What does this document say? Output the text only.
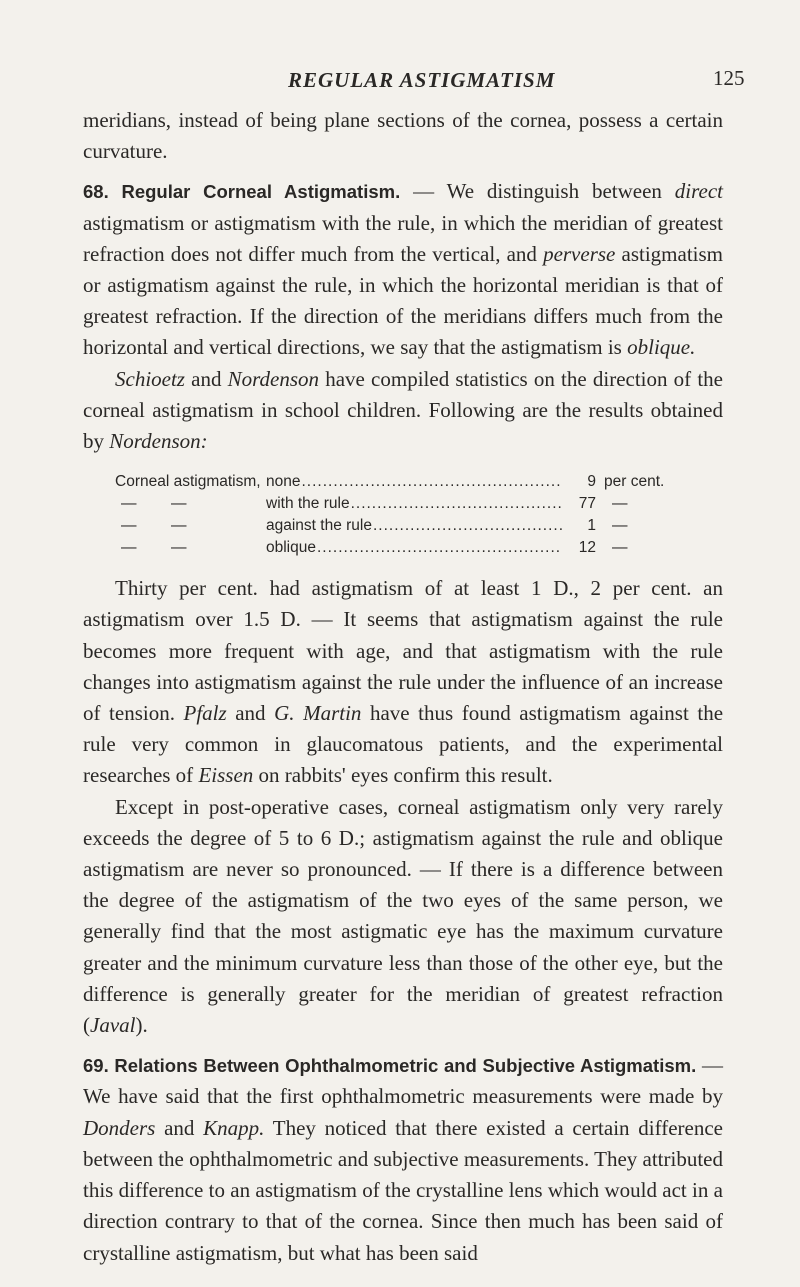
REGULAR ASTIGMATISM	125

meridians, instead of being plane sections of the cornea, possess a certain curvature.

68. Regular Corneal Astigmatism. — We distinguish between direct astigmatism or astigmatism with the rule, in which the meridian of greatest refraction does not differ much from the vertical, and perverse astigmatism or astigmatism against the rule, in which the horizontal meridian is that of greatest refraction. If the direction of the meridians differs much from the horizontal and vertical directions, we say that the astigmatism is oblique.

Schioetz and Nordenson have compiled statistics on the direction of the corneal astigmatism in school children. Following are the results obtained by Nordenson:

Corneal astigmatism, none .....	9 per cent.
— —	with the rule .....	77	—
— —	against the rule .....	1	—
— —	oblique .....	12	—

Thirty per cent. had astigmatism of at least 1 D., 2 per cent. an astigmatism over 1.5 D. — It seems that astigmatism against the rule becomes more frequent with age, and that astigmatism with the rule changes into astigmatism against the rule under the influence of an increase of tension. Pfalz and G. Martin have thus found astigmatism against the rule very common in glaucomatous patients, and the experimental researches of Eissen on rabbits' eyes confirm this result.

Except in post-operative cases, corneal astigmatism only very rarely exceeds the degree of 5 to 6 D.; astigmatism against the rule and oblique astigmatism are never so pronounced. — If there is a difference between the degree of the astigmatism of the two eyes of the same person, we generally find that the most astigmatic eye has the maximum curvature greater and the minimum curvature less than those of the other eye, but the difference is generally greater for the meridian of greatest refraction (Javal).

69. Relations Between Ophthalmometric and Subjective Astigmatism. — We have said that the first ophthalmometric measurements were made by Donders and Knapp. They noticed that there existed a certain difference between the ophthalmometric and subjective measurements. They attributed this difference to an astigmatism of the crystalline lens which would act in a direction contrary to that of the cornea. Since then much has been said of crystalline astigmatism, but what has been said
